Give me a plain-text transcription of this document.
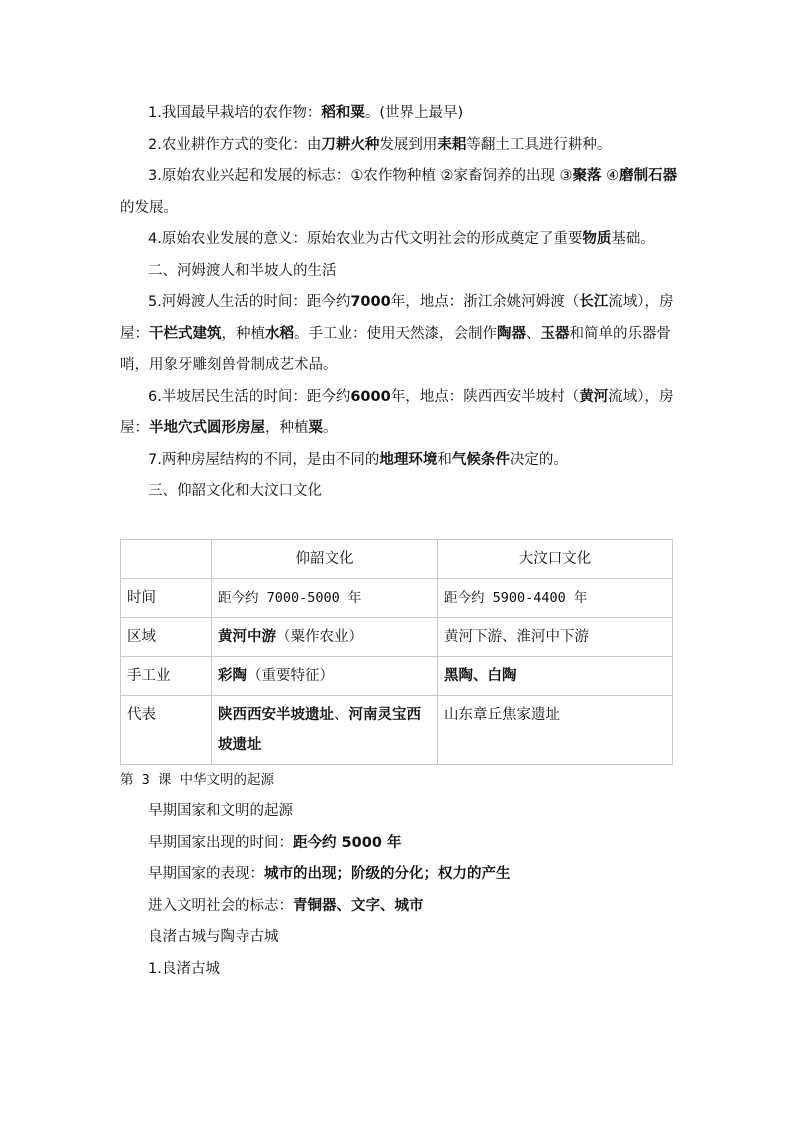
1.我国最早栽培的农作物：稻和粟。(世界上最早)

2.农业耕作方式的变化：由刀耕火种发展到用耒耜等翻土工具进行耕种。

3.原始农业兴起和发展的标志：①农作物种植 ②家畜饲养的出现 ③聚落 ④磨制石器的发展。

4.原始农业发展的意义：原始农业为古代文明社会的形成奠定了重要物质基础。

二、河姆渡人和半坡人的生活

5.河姆渡人生活的时间：距今约7000年，地点：浙江余姚河姆渡（长江流域），房屋：干栏式建筑，种植水稻。手工业：使用天然漆，会制作陶器、玉器和简单的乐器骨哨，用象牙雕刻兽骨制成艺术品。

6.半坡居民生活的时间：距今约6000年，地点：陕西西安半坡村（黄河流域），房屋：半地穴式圆形房屋，种植粟。

7.两种房屋结构的不同，是由不同的地理环境和气候条件决定的。

三、仰韶文化和大汶口文化

	仰韶文化	大汶口文化
时间	距今约 7000-5000 年	距今约 5900-4400 年
区域	黄河中游（粟作农业）	黄河下游、淮河中下游
手工业	彩陶（重要特征）	黑陶、白陶
代表	陕西西安半坡遗址、河南灵宝西坡遗址	山东章丘焦家遗址

第 3 课 中华文明的起源

早期国家和文明的起源

早期国家出现的时间：距今约 5000 年

早期国家的表现：城市的出现；阶级的分化；权力的产生

进入文明社会的标志：青铜器、文字、城市

良渚古城与陶寺古城

1.良渚古城
